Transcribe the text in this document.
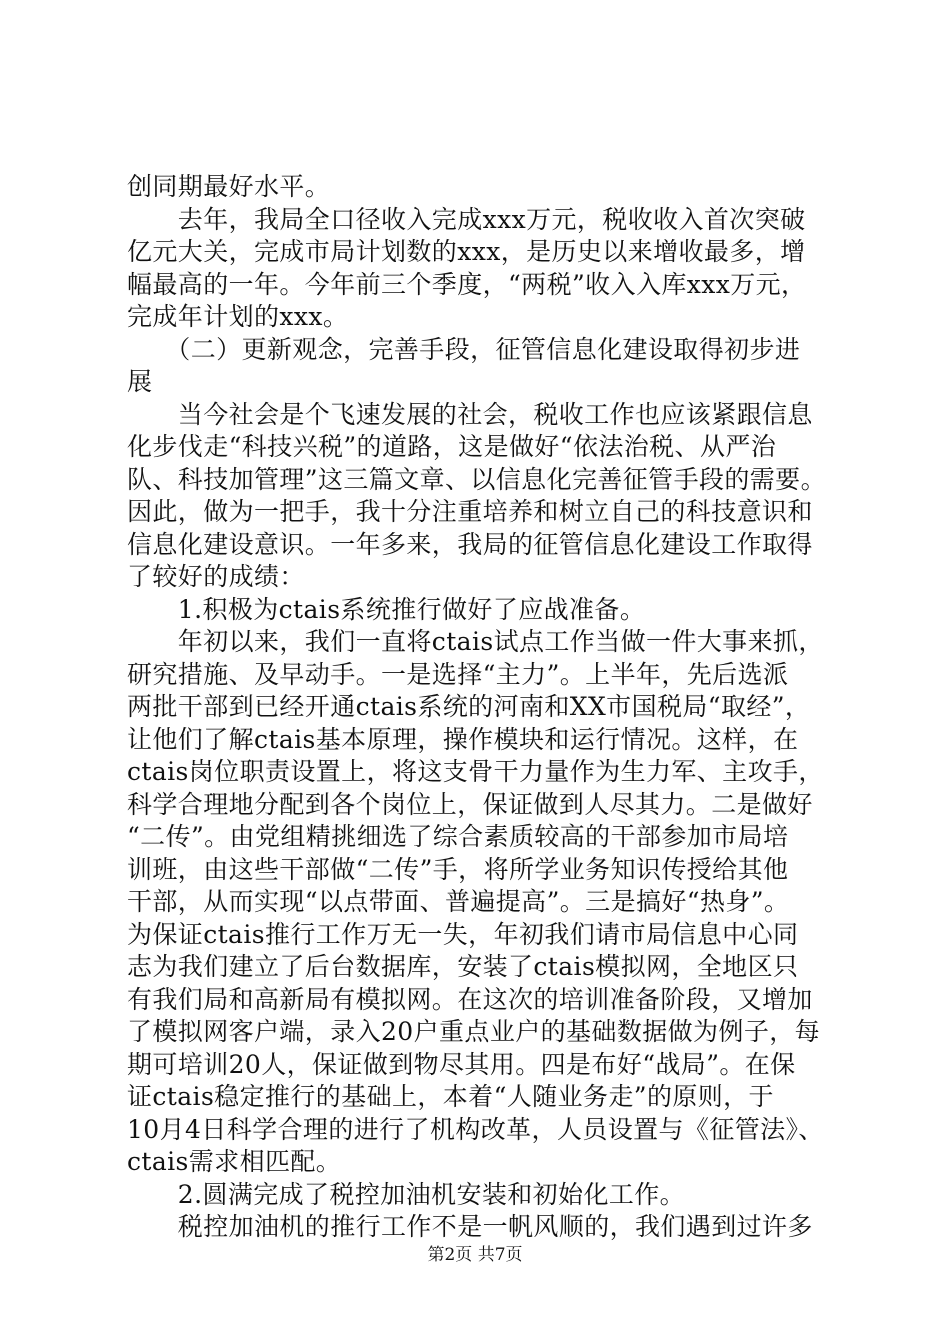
创同期最好水平。
　　去年，我局全口径收入完成xxx万元，税收收入首次突破
亿元大关，完成市局计划数的xxx，是历史以来增收最多，增
幅最高的一年。今年前三个季度，“两税”收入入库xxx万元，
完成年计划的xxx。
　　（二）更新观念，完善手段，征管信息化建设取得初步进
展
　　当今社会是个飞速发展的社会，税收工作也应该紧跟信息
化步伐走“科技兴税”的道路，这是做好“依法治税、从严治
队、科技加管理”这三篇文章、以信息化完善征管手段的需要。
因此，做为一把手，我十分注重培养和树立自己的科技意识和
信息化建设意识。一年多来，我局的征管信息化建设工作取得
了较好的成绩：
　　1.积极为ctais系统推行做好了应战准备。
　　年初以来，我们一直将ctais试点工作当做一件大事来抓，
研究措施、及早动手。一是选择“主力”。上半年，先后选派
两批干部到已经开通ctais系统的河南和XX市国税局“取经”，
让他们了解ctais基本原理，操作模块和运行情况。这样，在
ctais岗位职责设置上，将这支骨干力量作为生力军、主攻手，
科学合理地分配到各个岗位上，保证做到人尽其力。二是做好
“二传”。由党组精挑细选了综合素质较高的干部参加市局培
训班，由这些干部做“二传”手，将所学业务知识传授给其他
干部，从而实现“以点带面、普遍提高”。三是搞好“热身”。
为保证ctais推行工作万无一失，年初我们请市局信息中心同
志为我们建立了后台数据库，安装了ctais模拟网，全地区只
有我们局和高新局有模拟网。在这次的培训准备阶段，又增加
了模拟网客户端，录入20户重点业户的基础数据做为例子，每
期可培训20人，保证做到物尽其用。四是布好“战局”。在保
证ctais稳定推行的基础上，本着“人随业务走”的原则，于
10月4日科学合理的进行了机构改革，人员设置与《征管法》、
ctais需求相匹配。
　　2.圆满完成了税控加油机安装和初始化工作。
　　税控加油机的推行工作不是一帆风顺的，我们遇到过许多
第2页 共7页
